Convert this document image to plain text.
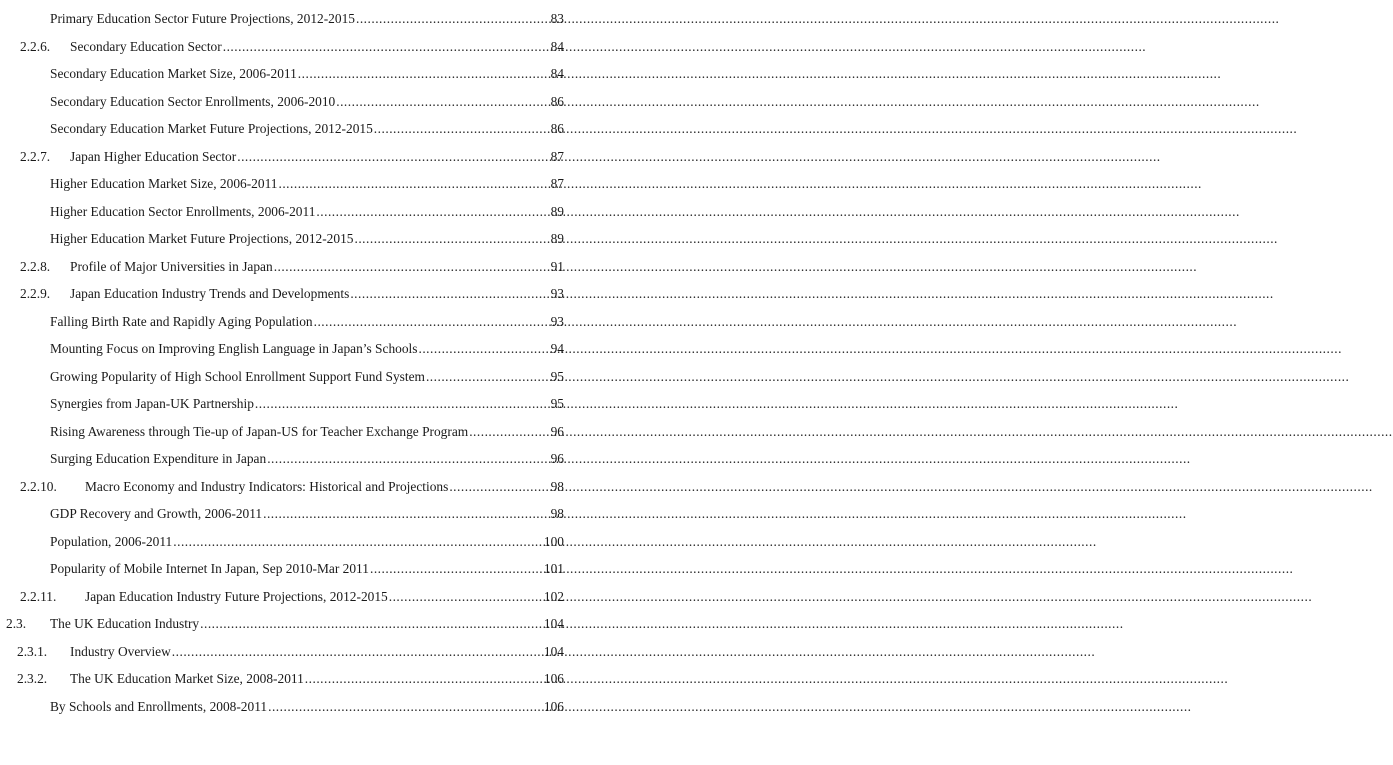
Primary Education Sector Future Projections, 2012-2015 .....	83
2.2.6.	Secondary Education Sector .....	84
Secondary Education Market Size, 2006-2011 .....	84
Secondary Education Sector Enrollments, 2006-2010 .....	86
Secondary Education Market Future Projections, 2012-2015 .....	86
2.2.7.	Japan Higher Education Sector .....	87
Higher Education Market Size, 2006-2011 .....	87
Higher Education Sector Enrollments, 2006-2011 .....	89
Higher Education Market Future Projections, 2012-2015 .....	89
2.2.8.	Profile of Major Universities in Japan .....	91
2.2.9.	Japan Education Industry Trends and Developments .....	93
Falling Birth Rate and Rapidly Aging Population .....	93
Mounting Focus on Improving English Language in Japan’s Schools .....	94
Growing Popularity of High School Enrollment Support Fund System .....	95
Synergies from Japan-UK Partnership .....	95
Rising Awareness through Tie-up of Japan-US for Teacher Exchange Program .....	96
Surging Education Expenditure in Japan .....	96
2.2.10.	Macro Economy and Industry Indicators: Historical and Projections .....	98
GDP Recovery and Growth, 2006-2011 .....	98
Population, 2006-2011 .....	100
Popularity of Mobile Internet In Japan, Sep 2010-Mar 2011 .....	101
2.2.11.	Japan Education Industry Future Projections, 2012-2015 .....	102
2.3.	The UK Education Industry .....	104
2.3.1.	Industry Overview .....	104
2.3.2.	The UK Education Market Size, 2008-2011 .....	106
By Schools and Enrollments, 2008-2011 .....	106
